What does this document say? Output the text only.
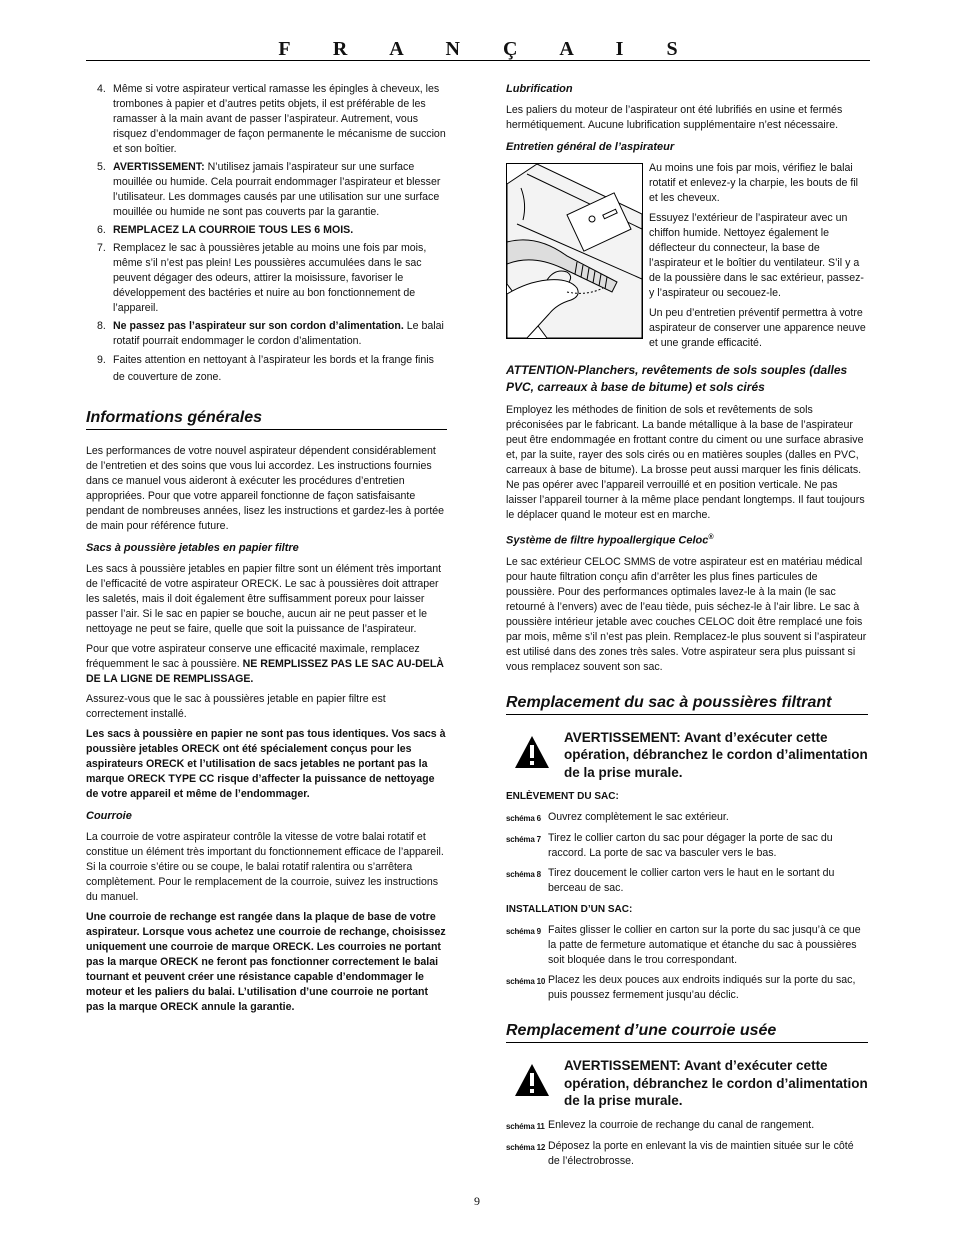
F R A N Ç A I S
4. Même si votre aspirateur vertical ramasse les épingles à cheveux, les trombones à papier et d’autres petits objets, il est préférable de les ramasser à la main avant de passer l’aspirateur. Autrement, vous risquez d’endommager de façon permanente le mécanisme de succion et son boîtier.
5. AVERTISSEMENT: N’utilisez jamais l’aspirateur sur une surface mouillée ou humide. Cela pourrait endommager l’aspirateur et blesser l’utilisateur. Les dommages causés par une utilisation sur une surface mouillée ou humide ne sont pas couverts par la garantie.
6. REMPLACEZ LA COURROIE TOUS LES 6 MOIS.
7. Remplacez le sac à poussières jetable au moins une fois par mois, même s’il n’est pas plein! Les poussières accumulées dans le sac peuvent dégager des odeurs, attirer la moisissure, favoriser le développement des bactéries et nuire au bon fonctionnement de l’appareil.
8. Ne passez pas l’aspirateur sur son cordon d’alimentation. Le balai rotatif pourrait endommager le cordon d’alimentation.
9. Faites attention en nettoyant à l’aspirateur les bords et la frange finis de couverture de zone.
Informations générales

Les performances de votre nouvel aspirateur dépendent considérablement de l’entretien et des soins que vous lui accordez. Les instructions fournies dans ce manuel vous aideront à exécuter les procédures d’entretien appropriées. Pour que votre appareil fonctionne de façon satisfaisante pendant de nombreuses années, lisez les instructions et gardez-les à portée de main pour référence future.

Sacs à poussière jetables en papier filtre

Les sacs à poussière jetables en papier filtre sont un élément très important de l’efficacité de votre aspirateur ORECK. Le sac à poussières doit attraper les saletés, mais il doit également être suffisamment poreux pour laisser passer l’air. Si le sac en papier se bouche, aucun air ne peut passer et le nettoyage ne peut se faire, quelle que soit la puissance de l’aspirateur.

Pour que votre aspirateur conserve une efficacité maximale, remplacez fréquemment le sac à poussière. NE REMPLISSEZ PAS LE SAC AU-DELÀ DE LA LIGNE DE REMPLISSAGE.

Assurez-vous que le sac à poussières jetable en papier filtre est correctement installé.

Les sacs à poussière en papier ne sont pas tous identiques. Vos sacs à poussière jetables ORECK ont été spécialement conçus pour les aspirateurs ORECK et l’utilisation de sacs jetables ne portant pas la marque ORECK TYPE CC risque d’affecter la puissance de nettoyage de votre appareil et même de l’endommager.

Courroie

La courroie de votre aspirateur contrôle la vitesse de votre balai rotatif et constitue un élément très important du fonctionnement efficace de l’appareil. Si la courroie s’étire ou se coupe, le balai rotatif ralentira ou s’arrêtera complètement. Pour le remplacement de la courroie, suivez les instructions du manuel.

Une courroie de rechange est rangée dans la plaque de base de votre aspirateur. Lorsque vous achetez une courroie de rechange, choisissez uniquement une courroie de marque ORECK. Les courroies ne portant pas la marque ORECK ne feront pas fonctionner correctement le balai tournant et peuvent créer une résistance capable d’endommager le moteur et les paliers du balai. L’utilisation d’une courroie ne portant pas la marque ORECK annule la garantie.

Lubrification

Les paliers du moteur de l’aspirateur ont été lubrifiés en usine et fermés hermétiquement. Aucune lubrification supplémentaire n’est nécessaire.

Entretien général de l’aspirateur

Au moins une fois par mois, vérifiez le balai rotatif et enlevez-y la charpie, les bouts de fil et les cheveux.

Essuyez l’extérieur de l’aspirateur avec un chiffon humide. Nettoyez également le déflecteur du connecteur, la base de l’aspirateur et le boîtier du ventilateur. S’il y a de la poussière dans le sac extérieur, passez-y l’aspirateur ou secouez-le.

Un peu d’entretien préventif permettra à votre aspirateur de conserver une apparence neuve et une grande efficacité.

ATTENTION-Planchers, revêtements de sols souples (dalles PVC, carreaux à base de bitume) et sols cirés

Employez les méthodes de finition de sols et revêtements de sols préconisées par le fabricant. La bande métallique à la base de l’aspirateur peut être endommagée en frottant contre du ciment ou une surface abrasive et, par la suite, rayer des sols cirés ou en matières souples (dalles en PVC, carreaux à base de bitume). La brosse peut aussi marquer les finis délicats. Ne pas opérer avec l’appareil verrouillé et en position verticale. Ne pas laisser l’appareil tourner à la même place pendant longtemps. Il faut toujours le déplacer quand le moteur est en marche.

Système de filtre hypoallergique Celoc®

Le sac extérieur CELOC SMMS de votre aspirateur est en matériau médical pour haute filtration conçu afin d’arrêter les plus fines particules de poussière. Pour des performances optimales lavez-le à la main (le sac retourné à l’envers) avec de l’eau tiède, puis séchez-le à l’air libre. Le sac à poussière intérieur jetable avec couches CELOC doit être remplacé une fois par mois, même s’il n’est pas plein. Remplacez-le plus souvent si l’aspirateur est utilisé dans des zones très sales. Votre aspirateur sera plus puissant si vous remplacez souvent son sac.

Remplacement du sac à poussières filtrant
AVERTISSEMENT: Avant d’exécuter cette opération, débranchez le cordon d’alimentation de la prise murale.
ENLÈVEMENT DU SAC:
schéma 6 Ouvrez complètement le sac extérieur.
schéma 7 Tirez le collier carton du sac pour dégager la porte de sac du raccord. La porte de sac va basculer vers le bas.
schéma 8 Tirez doucement le collier carton vers le haut en le sortant du berceau de sac.
INSTALLATION D’UN SAC:
schéma 9 Faites glisser le collier en carton sur la porte du sac jusqu’à ce que la patte de fermeture automatique et étanche du sac à poussières soit bloquée dans le trou correspondant.
schéma 10 Placez les deux pouces aux endroits indiqués sur la porte du sac, puis poussez fermement jusqu’au déclic.
Remplacement d’une courroie usée
AVERTISSEMENT: Avant d’exécuter cette opération, débranchez le cordon d’alimentation de la prise murale.
schéma 11 Enlevez la courroie de rechange du canal de rangement.
schéma 12 Déposez la porte en enlevant la vis de maintien située sur le côté de l’électrobrosse.
9
